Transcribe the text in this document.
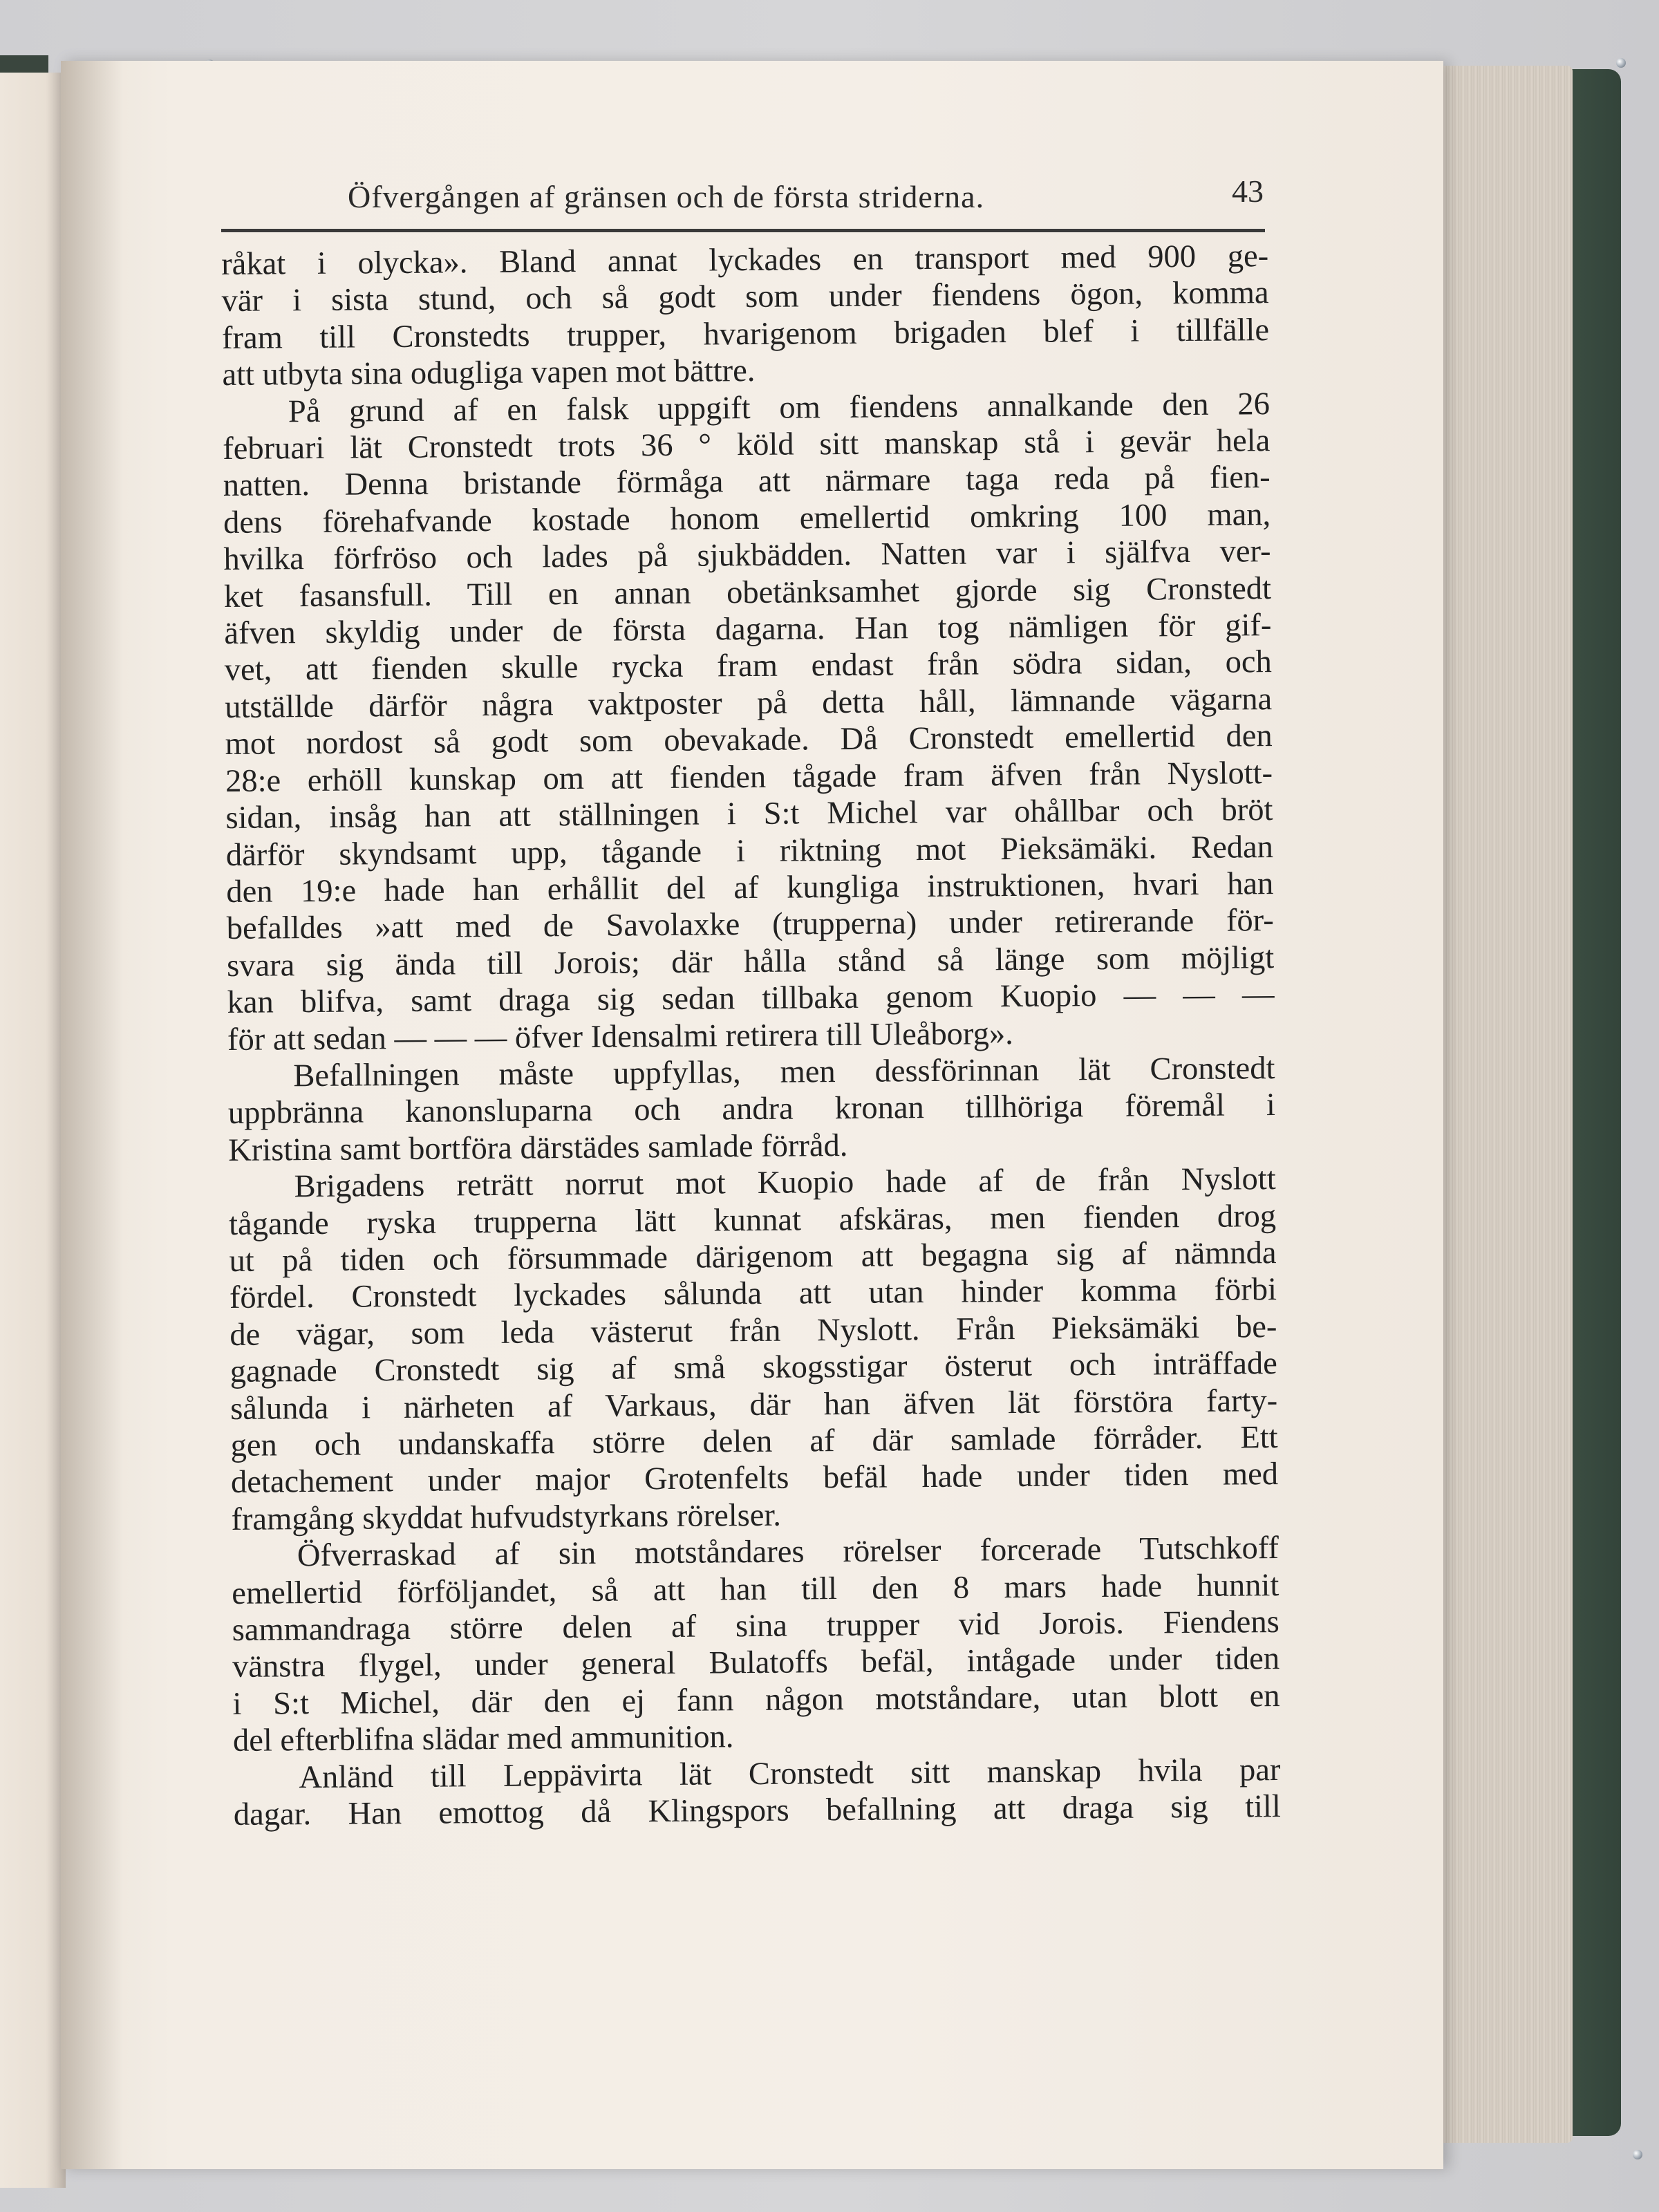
Öfvergången af gränsen och de första striderna.	43

råkat i olycka». Bland annat lyckades en transport med 900 ge-
vär i sista stund, och så godt som under fiendens ögon, komma
fram till Cronstedts trupper, hvarigenom brigaden blef i tillfälle
att utbyta sina odugliga vapen mot bättre.

På grund af en falsk uppgift om fiendens annalkande den 26
februari lät Cronstedt trots 36 ° köld sitt manskap stå i gevär hela
natten. Denna bristande förmåga att närmare taga reda på fien-
dens förehafvande kostade honom emellertid omkring 100 man,
hvilka förfröso och lades på sjukbädden. Natten var i själfva ver-
ket fasansfull. Till en annan obetänksamhet gjorde sig Cronstedt
äfven skyldig under de första dagarna. Han tog nämligen för gif-
vet, att fienden skulle rycka fram endast från södra sidan, och
utställde därför några vaktposter på detta håll, lämnande vägarna
mot nordost så godt som obevakade. Då Cronstedt emellertid den
28:e erhöll kunskap om att fienden tågade fram äfven från Nyslott-
sidan, insåg han att ställningen i S:t Michel var ohållbar och bröt
därför skyndsamt upp, tågande i riktning mot Pieksämäki. Redan
den 19:e hade han erhållit del af kungliga instruktionen, hvari han
befalldes »att med de Savolaxke (trupperna) under retirerande för-
svara sig ända till Jorois; där hålla stånd så länge som möjligt
kan blifva, samt draga sig sedan tillbaka genom Kuopio — — —
för att sedan — — — öfver Idensalmi retirera till Uleåborg».

Befallningen måste uppfyllas, men dessförinnan lät Cronstedt
uppbränna kanonsluparna och andra kronan tillhöriga föremål i
Kristina samt bortföra därstädes samlade förråd.

Brigadens reträtt norrut mot Kuopio hade af de från Nyslott
tågande ryska trupperna lätt kunnat afskäras, men fienden drog
ut på tiden och försummade därigenom att begagna sig af nämnda
fördel. Cronstedt lyckades sålunda att utan hinder komma förbi
de vägar, som leda västerut från Nyslott. Från Pieksämäki be-
gagnade Cronstedt sig af små skogsstigar österut och inträffade
sålunda i närheten af Varkaus, där han äfven lät förstöra farty-
gen och undanskaffa större delen af där samlade förråder. Ett
detachement under major Grotenfelts befäl hade under tiden med
framgång skyddat hufvudstyrkans rörelser.

Öfverraskad af sin motståndares rörelser forcerade Tutschkoff
emellertid förföljandet, så att han till den 8 mars hade hunnit
sammandraga större delen af sina trupper vid Jorois. Fiendens
vänstra flygel, under general Bulatoffs befäl, intågade under tiden
i S:t Michel, där den ej fann någon motståndare, utan blott en
del efterblifna slädar med ammunition.

Anländ till Leppävirta lät Cronstedt sitt manskap hvila par
dagar. Han emottog då Klingspors befallning att draga sig till
